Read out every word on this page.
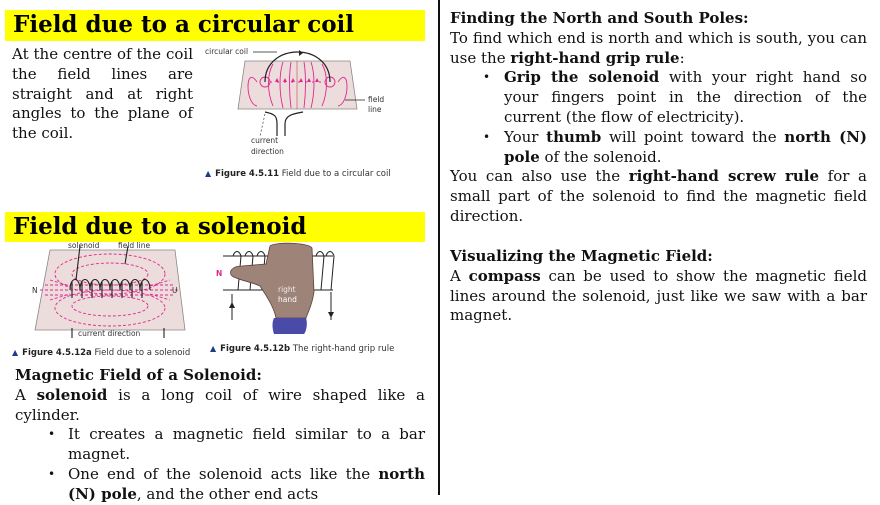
Field due to a circular coil

At the centre of the coil the field lines are straight and at right angles to the plane of the coil.

circular coil
field
line
current
direction
▲ Figure 4.5.11 Field due to a circular coil
Field due to a solenoid
solenoid field line
N	U
current direction
▲ Figure 4.5.12a Field due to a solenoid
N
right
hand
▲ Figure 4.5.12b The right-hand grip rule

Magnetic Field of a Solenoid:

A solenoid is a long coil of wire shaped like a cylinder.

• It creates a magnetic field similar to a bar magnet.
• One end of the solenoid acts like the north (N) pole, and the other end acts

Finding the North and South Poles:

To find which end is north and which is south, you can use the right-hand grip rule:

• Grip the solenoid with your right hand so your fingers point in the direction of the current (the flow of electricity).
• Your thumb will point toward the north (N) pole of the solenoid.

You can also use the right-hand screw rule for a small part of the solenoid to find the magnetic field direction.

Visualizing the Magnetic Field:

A compass can be used to show the magnetic field lines around the solenoid, just like we saw with a bar magnet.
